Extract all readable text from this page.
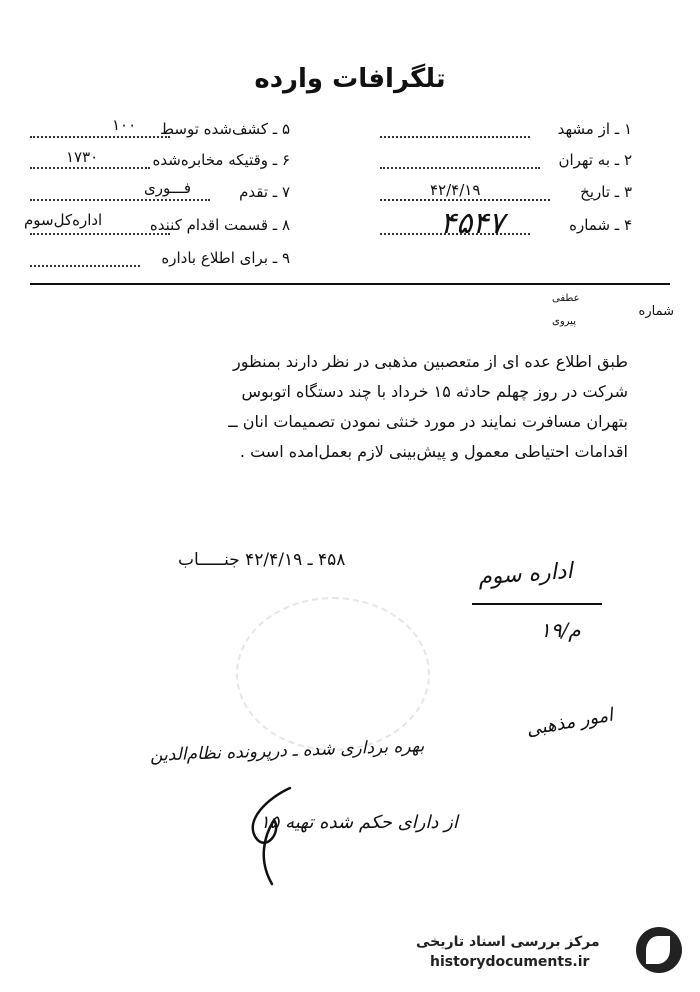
تلگرافات وارده
۱ ـ از مشهد
۲ ـ به تهران
۳ ـ تاریخ
۴۲/۴/۱۹
۴ ـ شماره
۴۵۴۷
۵ ـ کشف‌شده توسط
۱۰۰
۶ ـ وقتیکه مخابره‌شده
۱۷۳۰
۷ ـ تقدم
فـــوری
۸ ـ قسمت اقدام کننده
اداره‌کل‌سوم
۹ ـ برای اطلاع باداره
شماره
عطفی
پیروی
طبق اطلاع عده ای از متعصبین مذهبی در نظر دارند بمنظور
شرکت در روز چهلم حادثه ۱۵ خرداد با چند دستگاه اتوبوس
بتهران مسافرت نمایند در مورد خنثی نمودن تصمیمات انان ــ
اقدامات احتیاطی معمول و پیش‌بینی لازم بعمل‌امده است .
۴۵۸ ـ ۴۲/۴/۱۹ جنـــــاب	اداره سوم
۱۹/م
امور مذهبی
بهره برداری شده ـ درپرونده نظام‌الدین
۱۵ از دارای حکم شده تهیه
مرکز بررسی اسناد تاریخی
historydocuments.ir
